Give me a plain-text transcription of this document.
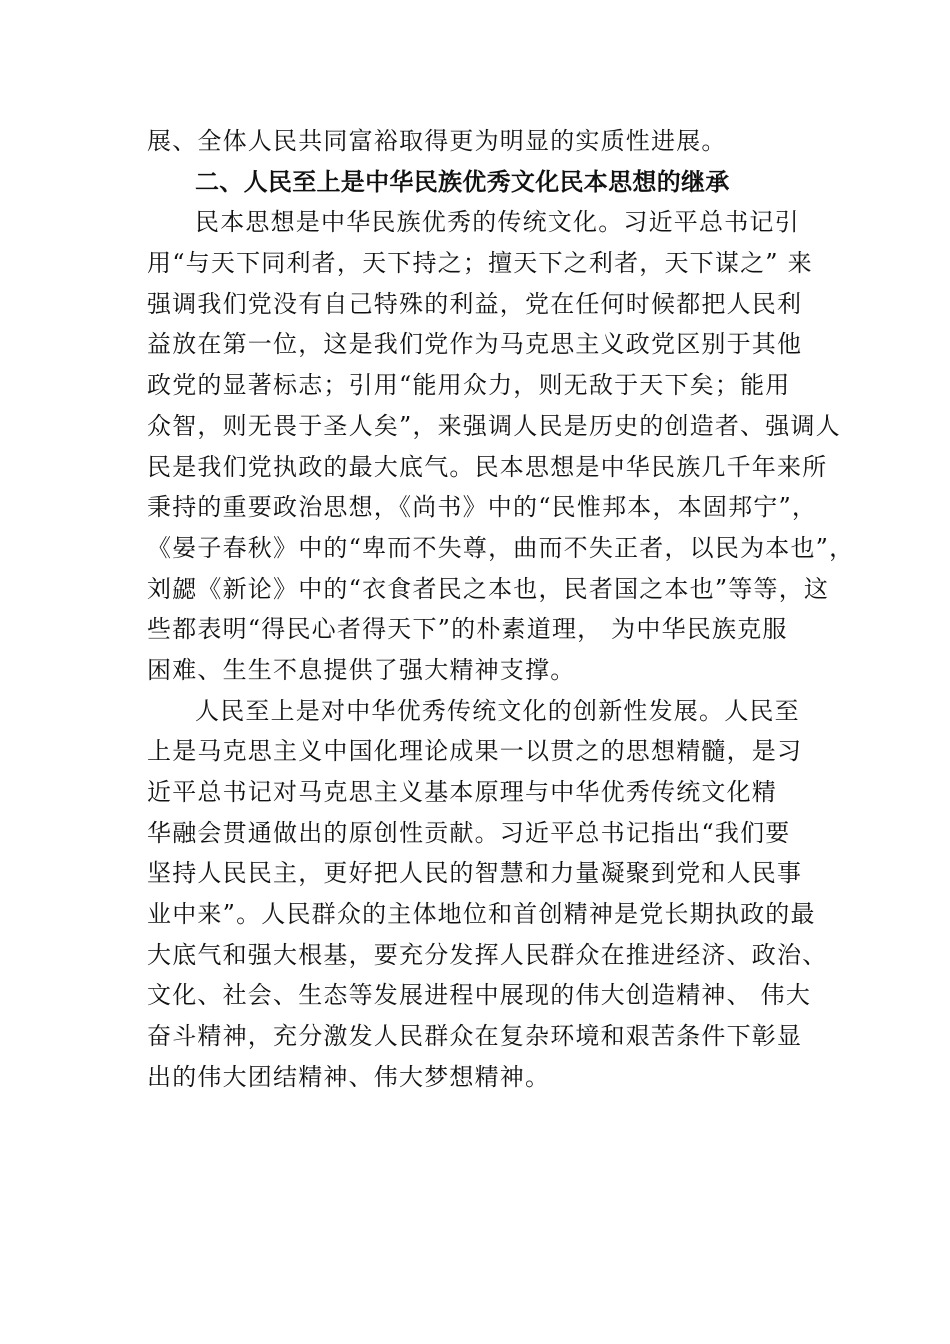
展、全体人民共同富裕取得更为明显的实质性进展。
二、人民至上是中华民族优秀文化民本思想的继承
民本思想是中华民族优秀的传统文化。习近平总书记引
用“与天下同利者，天下持之；擅天下之利者，天下谋之” 来
强调我们党没有自己特殊的利益，党在任何时候都把人民利
益放在第一位，这是我们党作为马克思主义政党区别于其他
政党的显著标志；引用“能用众力，则无敌于天下矣；能用
众智，则无畏于圣人矣”，来强调人民是历史的创造者、强调人
民是我们党执政的最大底气。民本思想是中华民族几千年来所
秉持的重要政治思想，《尚书》中的“民惟邦本，本固邦宁”，
《晏子春秋》中的“卑而不失尊，曲而不失正者，以民为本也”，
刘勰《新论》中的“衣食者民之本也，民者国之本也”等等，这
些都表明“得民心者得天下”的朴素道理， 为中华民族克服
困难、生生不息提供了强大精神支撑。
人民至上是对中华优秀传统文化的创新性发展。人民至
上是马克思主义中国化理论成果一以贯之的思想精髓，是习
近平总书记对马克思主义基本原理与中华优秀传统文化精
华融会贯通做出的原创性贡献。习近平总书记指出“我们要
坚持人民民主，更好把人民的智慧和力量凝聚到党和人民事
业中来”。人民群众的主体地位和首创精神是党长期执政的最
大底气和强大根基，要充分发挥人民群众在推进经济、政治、
文化、社会、生态等发展进程中展现的伟大创造精神、 伟大
奋斗精神，充分激发人民群众在复杂环境和艰苦条件下彰显
出的伟大团结精神、伟大梦想精神。
